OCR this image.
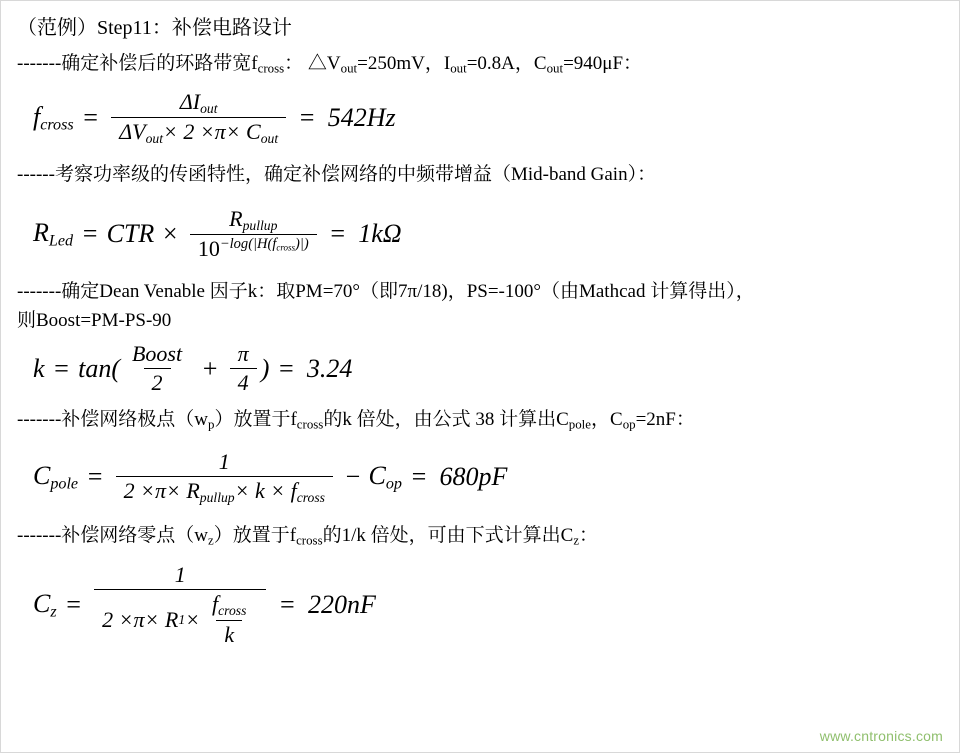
（范例）Step11：补偿电路设计
-------确定补偿后的环路带宽$f_{cross}$： $\triangle V_{out}=250mV$，$I_{out}=0.8A$，$C_{out}=940\mu F$：
$f_{cross} = \frac{\Delta I_{out}}{\Delta V_{out}\times 2 \times\pi\times C_{out}} = 542Hz$
------考察功率级的传函特性，确定补偿网络的中频带增益（Mid-band Gain）：
$R_{Led}$ = CTR × $\frac{R_{pullup}}{10^{-log(|H(f_{cross})|)}} = 1k\Omega$
-------确定Dean Venable 因子k：取PM=70°（即7π/18)，PS=-100°（由Mathcad 计算得出），
则Boost=PM-PS-90
$k = \tan( \frac{\text{Boost}}{2} + \frac{\pi}{4}$ ) = 3.24
-------补偿网络极点$(w_p)$放置于$f_{cross}$的k 倍处，由公式 38 计算出$C_{pole}$，$C_{op}=2nF$：
$C_{pole} = \frac{1}{2 \times\pi\times R_{pullup}\times k \times f_{cross}} - C_{op} = 680pF$
-------补偿网络零点$(w_z)$放置于$f_{cross}$的1/k 倍处，可由下式计算出$C_z$：
$C_z = \frac{1}{2 \times\pi\times R 1 \times \frac{f_{cross}}{k}} = 220nF$
www.cntronics.com
